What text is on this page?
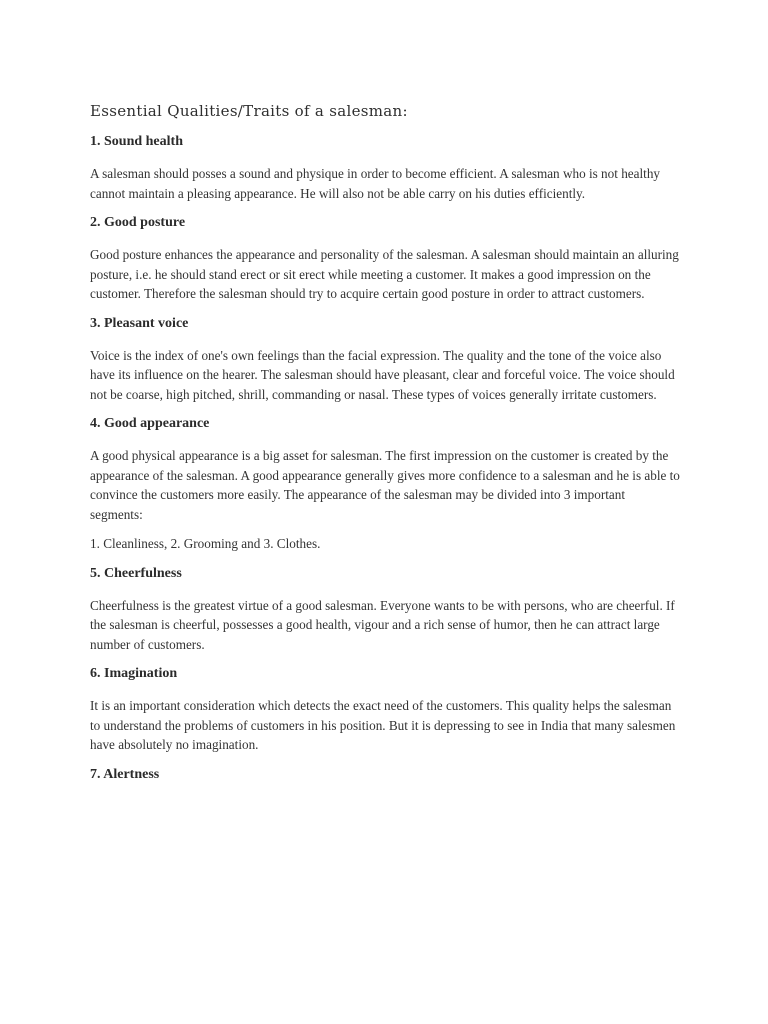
Essential Qualities/Traits of a salesman:
1. Sound health

A salesman should posses a sound and physique in order to become efficient. A salesman who is not healthy cannot maintain a pleasing appearance. He will also not be able carry on his duties efficiently.

2. Good posture

Good posture enhances the appearance and personality of the salesman. A salesman should maintain an alluring posture, i.e. he should stand erect or sit erect while meeting a customer. It makes a good impression on the customer. Therefore the salesman should try to acquire certain good posture in order to attract customers.

3. Pleasant voice

Voice is the index of one's own feelings than the facial expression. The quality and the tone of the voice also have its influence on the hearer. The salesman should have pleasant, clear and forceful voice. The voice should not be coarse, high pitched, shrill, commanding or nasal. These types of voices generally irritate customers.

4. Good appearance

A good physical appearance is a big asset for salesman. The first impression on the customer is created by the appearance of the salesman. A good appearance generally gives more confidence to a salesman and he is able to convince the customers more easily. The appearance of the salesman may be divided into 3 important segments:

1. Cleanliness, 2. Grooming and 3. Clothes.

5. Cheerfulness

Cheerfulness is the greatest virtue of a good salesman. Everyone wants to be with persons, who are cheerful. If the salesman is cheerful, possesses a good health, vigour and a rich sense of humor, then he can attract large number of customers.

6. Imagination

It is an important consideration which detects the exact need of the customers. This quality helps the salesman to understand the problems of customers in his position. But it is depressing to see in India that many salesmen have absolutely no imagination.

7. Alertness
